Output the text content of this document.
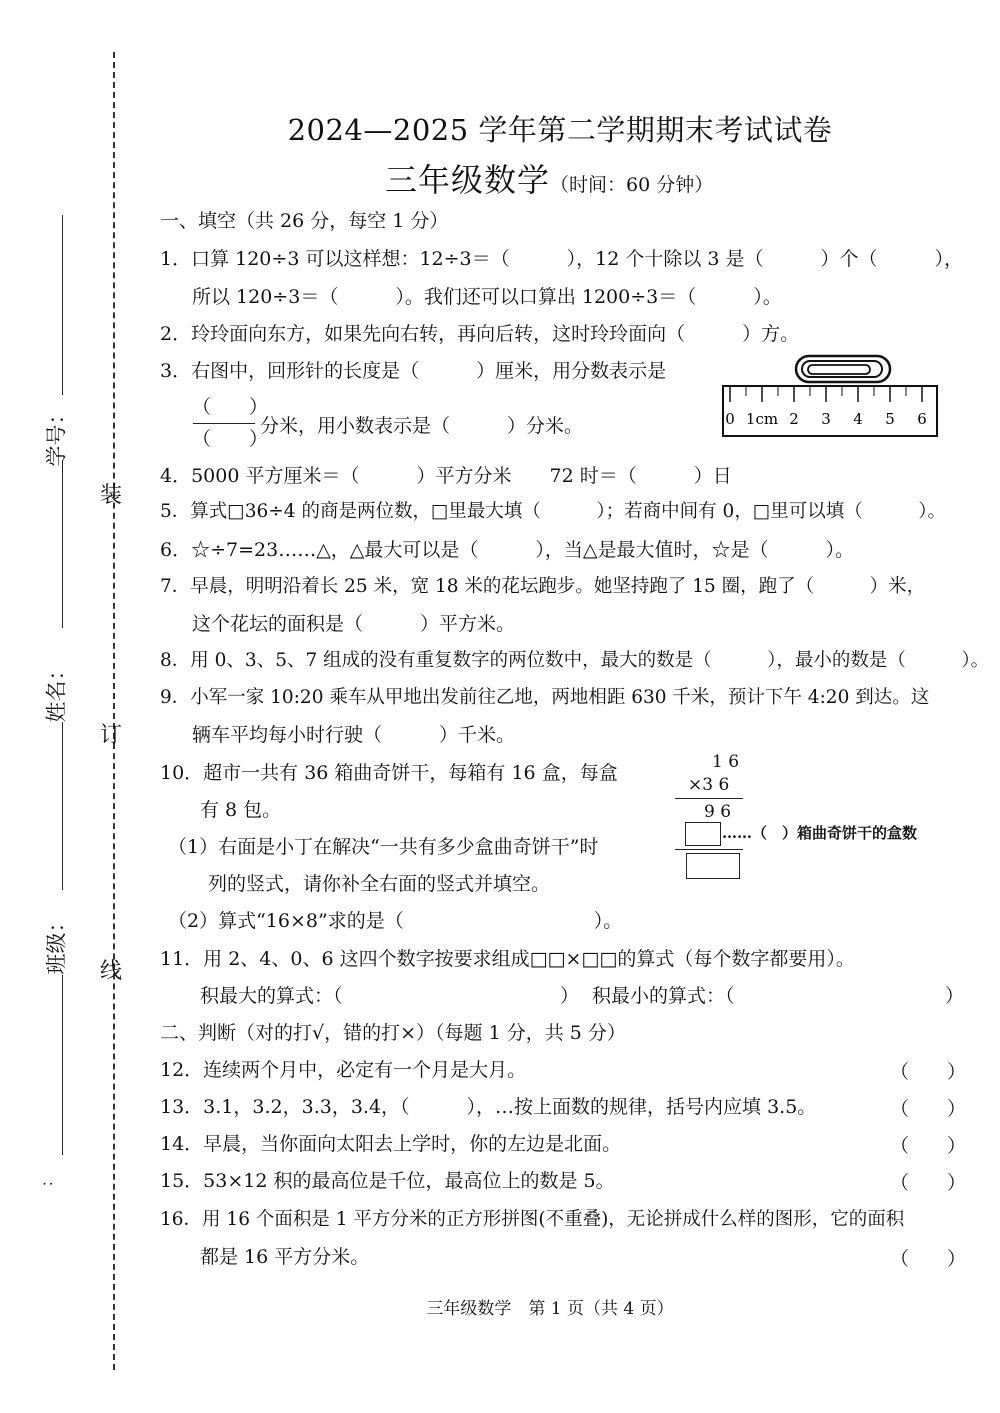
装
订
线
学号：
姓名：
班级：
：
2024—2025 学年第二学期期末考试试卷
三年级数学（时间：60 分钟）
一、填空（共 26 分，每空 1 分）
1．口算 120÷3 可以这样想：12÷3＝（　　　），12 个十除以 3 是（　　　）个（　　　），
所以 120÷3＝（　　　）。我们还可以口算出 1200÷3＝（　　　）。
2．玲玲面向东方，如果先向右转，再向后转，这时玲玲面向（　　　）方。
3．右图中，回形针的长度是（　　　）厘米，用分数表示是
（　　）
（　　）
分米，用小数表示是（　　　）分米。	0 1cm 2 3 4 5 6
4．5000 平方厘米＝（　　　）平方分米　　72 时＝（　　　）日
5．算式□36÷4 的商是两位数，□里最大填（　　　）；若商中间有 0，□里可以填（　　　）。
6．☆÷7=23……△，△最大可以是（　　　），当△是最大值时，☆是（　　　）。
7．早晨，明明沿着长 25 米，宽 18 米的花坛跑步。她坚持跑了 15 圈，跑了（　　　）米，
这个花坛的面积是（　　　）平方米。
8．用 0、3、5、7 组成的没有重复数字的两位数中，最大的数是（　　　），最小的数是（　　　）。
9．小军一家 10:20 乘车从甲地出发前往乙地，两地相距 630 千米，预计下午 4:20 到达。这
辆车平均每小时行驶（　　　）千米。
10．超市一共有 36 箱曲奇饼干，每箱有 16 盒，每盒
有 8 包。
（1）右面是小丁在解决“一共有多少盒曲奇饼干”时
列的竖式，请你补全右面的竖式并填空。
（2）算式“16×8”求的是（　　　　　　　　　　）。
1 6
×3 6
9 6
……（　）箱曲奇饼干的盒数
11．用 2、4、0、6 这四个数字按要求组成□□×□□的算式（每个数字都要用）。
积最大的算式：（	） 积最小的算式：（	）
二、判断（对的打√，错的打×）（每题 1 分，共 5 分）
12．连续两个月中，必定有一个月是大月。	（　　）
13．3.1，3.2，3.3，3.4，（　　　），…按上面数的规律，括号内应填 3.5。	（　　）
14．早晨，当你面向太阳去上学时，你的左边是北面。	（　　）
15．53×12 积的最高位是千位，最高位上的数是 5。	（　　）
16．用 16 个面积是 1 平方分米的正方形拼图(不重叠)，无论拼成什么样的图形，它的面积
都是 16 平方分米。	（　　）
三年级数学　第 1 页（共 4 页）
